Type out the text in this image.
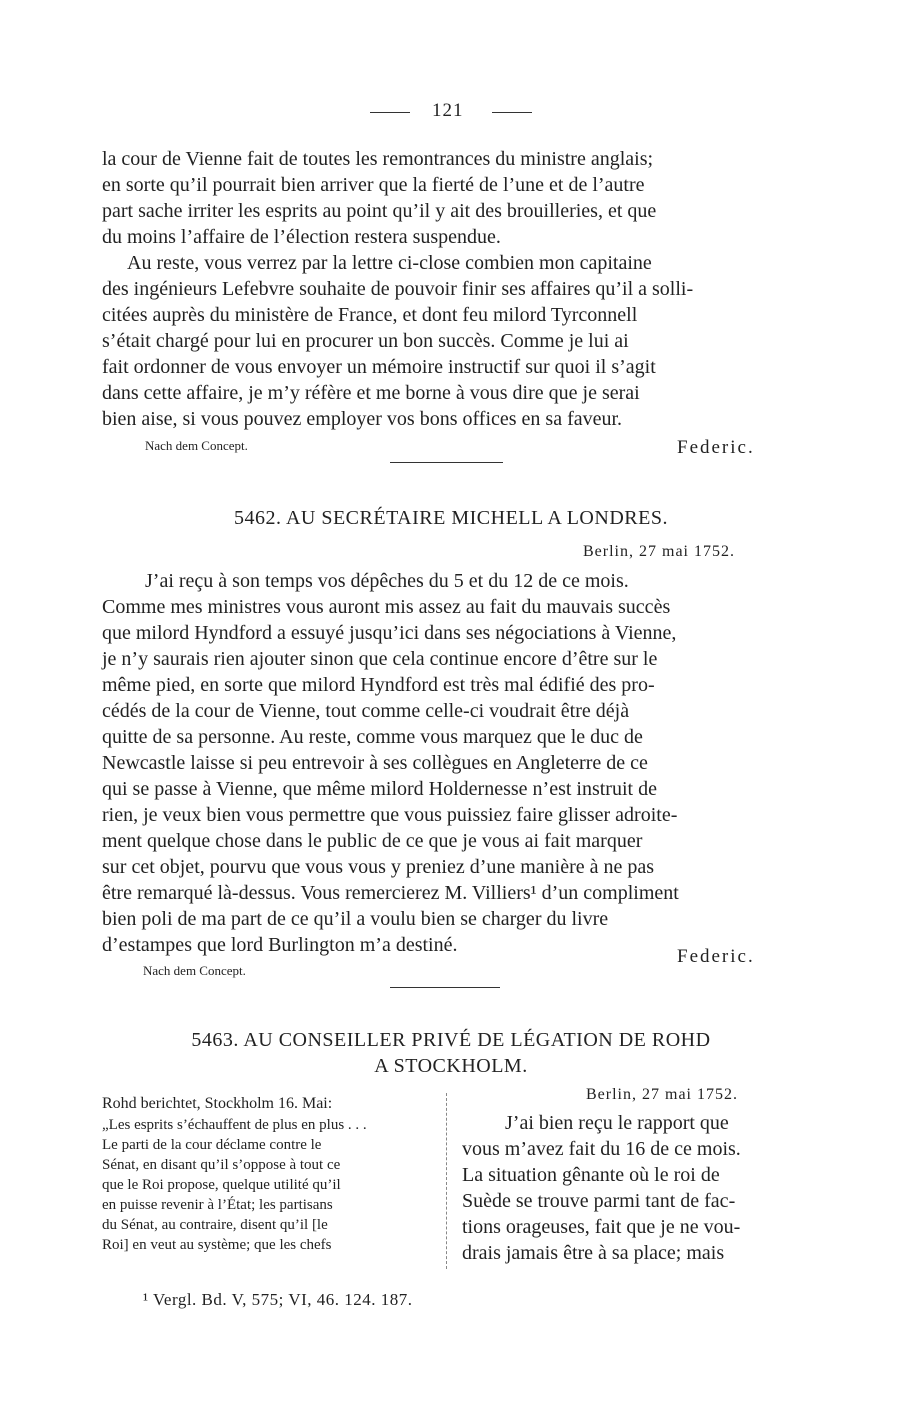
121
la cour de Vienne fait de toutes les remontrances du ministre anglais;
en sorte qu’il pourrait bien arriver que la fierté de l’une et de l’autre
part sache irriter les esprits au point qu’il y ait des brouilleries, et que
du moins l’affaire de l’élection restera suspendue.
Au reste, vous verrez par la lettre ci-close combien mon capitaine
des ingénieurs Lefebvre souhaite de pouvoir finir ses affaires qu’il a solli-
citées auprès du ministère de France, et dont feu milord Tyrconnell
s’était chargé pour lui en procurer un bon succès. Comme je lui ai
fait ordonner de vous envoyer un mémoire instructif sur quoi il s’agit
dans cette affaire, je m’y réfère et me borne à vous dire que je serai
bien aise, si vous pouvez employer vos bons offices en sa faveur.
Nach dem Concept.	Federic.
5462. AU SECRÉTAIRE MICHELL A LONDRES.
Berlin, 27 mai 1752.
J’ai reçu à son temps vos dépêches du 5 et du 12 de ce mois.
Comme mes ministres vous auront mis assez au fait du mauvais succès
que milord Hyndford a essuyé jusqu’ici dans ses négociations à Vienne,
je n’y saurais rien ajouter sinon que cela continue encore d’être sur le
même pied, en sorte que milord Hyndford est très mal édifié des pro-
cédés de la cour de Vienne, tout comme celle-ci voudrait être déjà
quitte de sa personne. Au reste, comme vous marquez que le duc de
Newcastle laisse si peu entrevoir à ses collègues en Angleterre de ce
qui se passe à Vienne, que même milord Holdernesse n’est instruit de
rien, je veux bien vous permettre que vous puissiez faire glisser adroite-
ment quelque chose dans le public de ce que je vous ai fait marquer
sur cet objet, pourvu que vous vous y preniez d’une manière à ne pas
être remarqué là-dessus. Vous remercierez M. Villiers¹ d’un compliment
bien poli de ma part de ce qu’il a voulu bien se charger du livre
d’estampes que lord Burlington m’a destiné.
Federic.
Nach dem Concept.
5463. AU CONSEILLER PRIVÉ DE LÉGATION DE ROHD
A STOCKHOLM.
Rohd berichtet, Stockholm 16. Mai:
„Les esprits s’échauffent de plus en plus . . .
Le parti de la cour déclame contre le
Sénat, en disant qu’il s’oppose à tout ce
que le Roi propose, quelque utilité qu’il
en puisse revenir à l’État; les partisans
du Sénat, au contraire, disent qu’il [le
Roi] en veut au système; que les chefs
Berlin, 27 mai 1752.
J’ai bien reçu le rapport que
vous m’avez fait du 16 de ce mois.
La situation gênante où le roi de
Suède se trouve parmi tant de fac-
tions orageuses, fait que je ne vou-
drais jamais être à sa place; mais
¹ Vergl. Bd. V, 575; VI, 46. 124. 187.
